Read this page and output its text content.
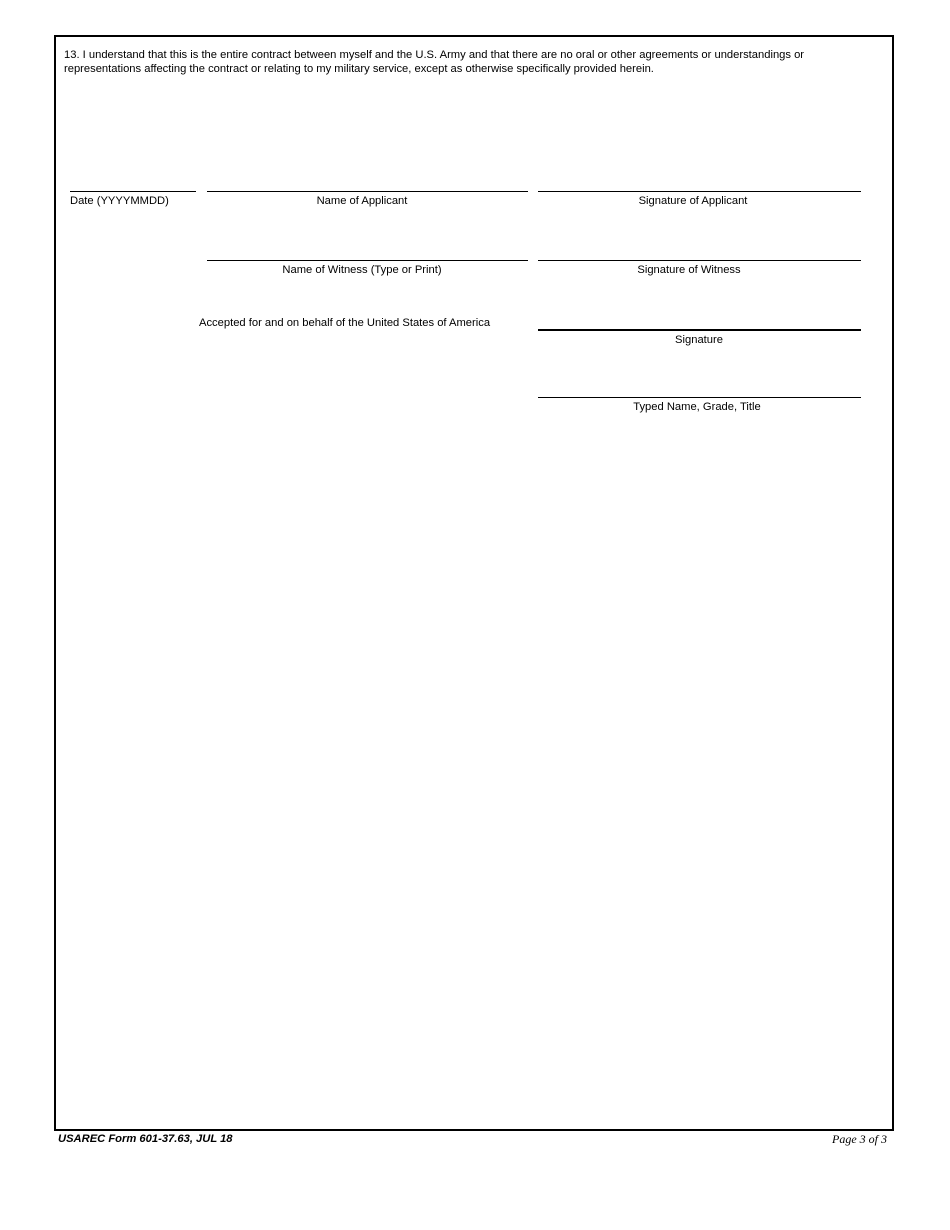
13. I understand that this is the entire contract between myself and the U.S. Army and that there are no oral or other agreements or understandings or representations affecting the contract or relating to my military service, except as otherwise specifically provided herein.
Date (YYYYMMDD)	Name of Applicant	Signature of Applicant
Name of Witness (Type or Print)	Signature of Witness
Accepted for and on behalf of the United States of America
Signature
Typed Name, Grade, Title
USAREC Form 601-37.63, JUL 18	Page 3 of 3
